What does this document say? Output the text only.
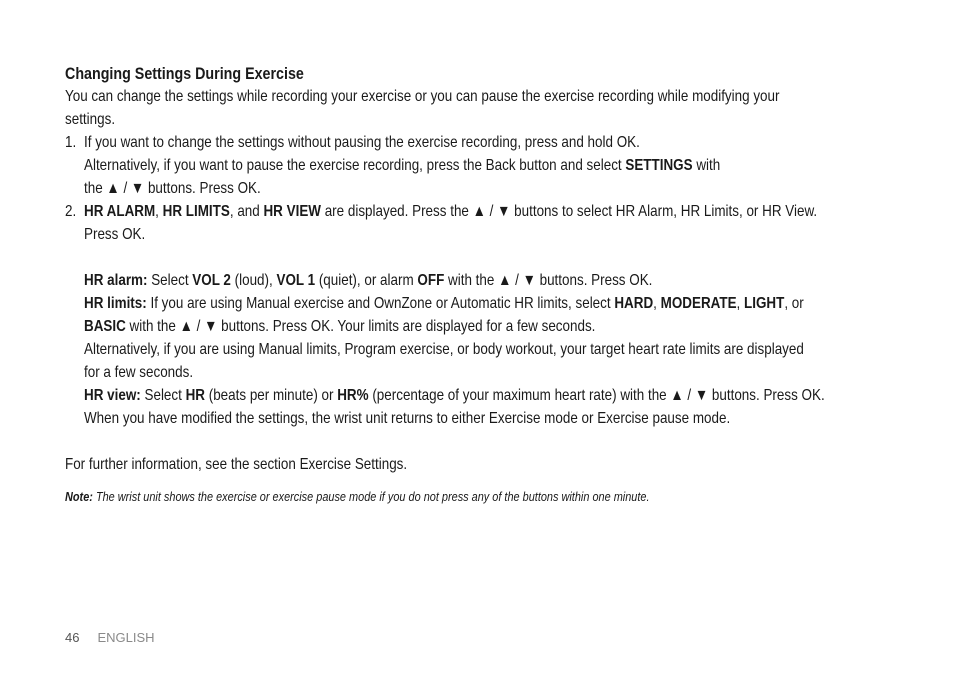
Changing Settings During Exercise
You can change the settings while recording your exercise or you can pause the exercise recording while modifying your
settings.
1. If you want to change the settings without pausing the exercise recording, press and hold OK.
Alternatively, if you want to pause the exercise recording, press the Back button and select SETTINGS with
the ▲ / ▼ buttons. Press OK.
2. HR ALARM, HR LIMITS, and HR VIEW are displayed. Press the ▲ / ▼ buttons to select HR Alarm, HR Limits, or HR View.
Press OK.
HR alarm: Select VOL 2 (loud), VOL 1 (quiet), or alarm OFF with the ▲ / ▼ buttons. Press OK.
HR limits: If you are using Manual exercise and OwnZone or Automatic HR limits, select HARD, MODERATE, LIGHT, or
BASIC with the ▲ / ▼ buttons. Press OK. Your limits are displayed for a few seconds.
Alternatively, if you are using Manual limits, Program exercise, or body workout, your target heart rate limits are displayed
for a few seconds.
HR view: Select HR (beats per minute) or HR% (percentage of your maximum heart rate) with the ▲ / ▼ buttons. Press OK.
When you have modified the settings, the wrist unit returns to either Exercise mode or Exercise pause mode.
For further information, see the section Exercise Settings.
Note: The wrist unit shows the exercise or exercise pause mode if you do not press any of the buttons within one minute.
46 ENGLISH
